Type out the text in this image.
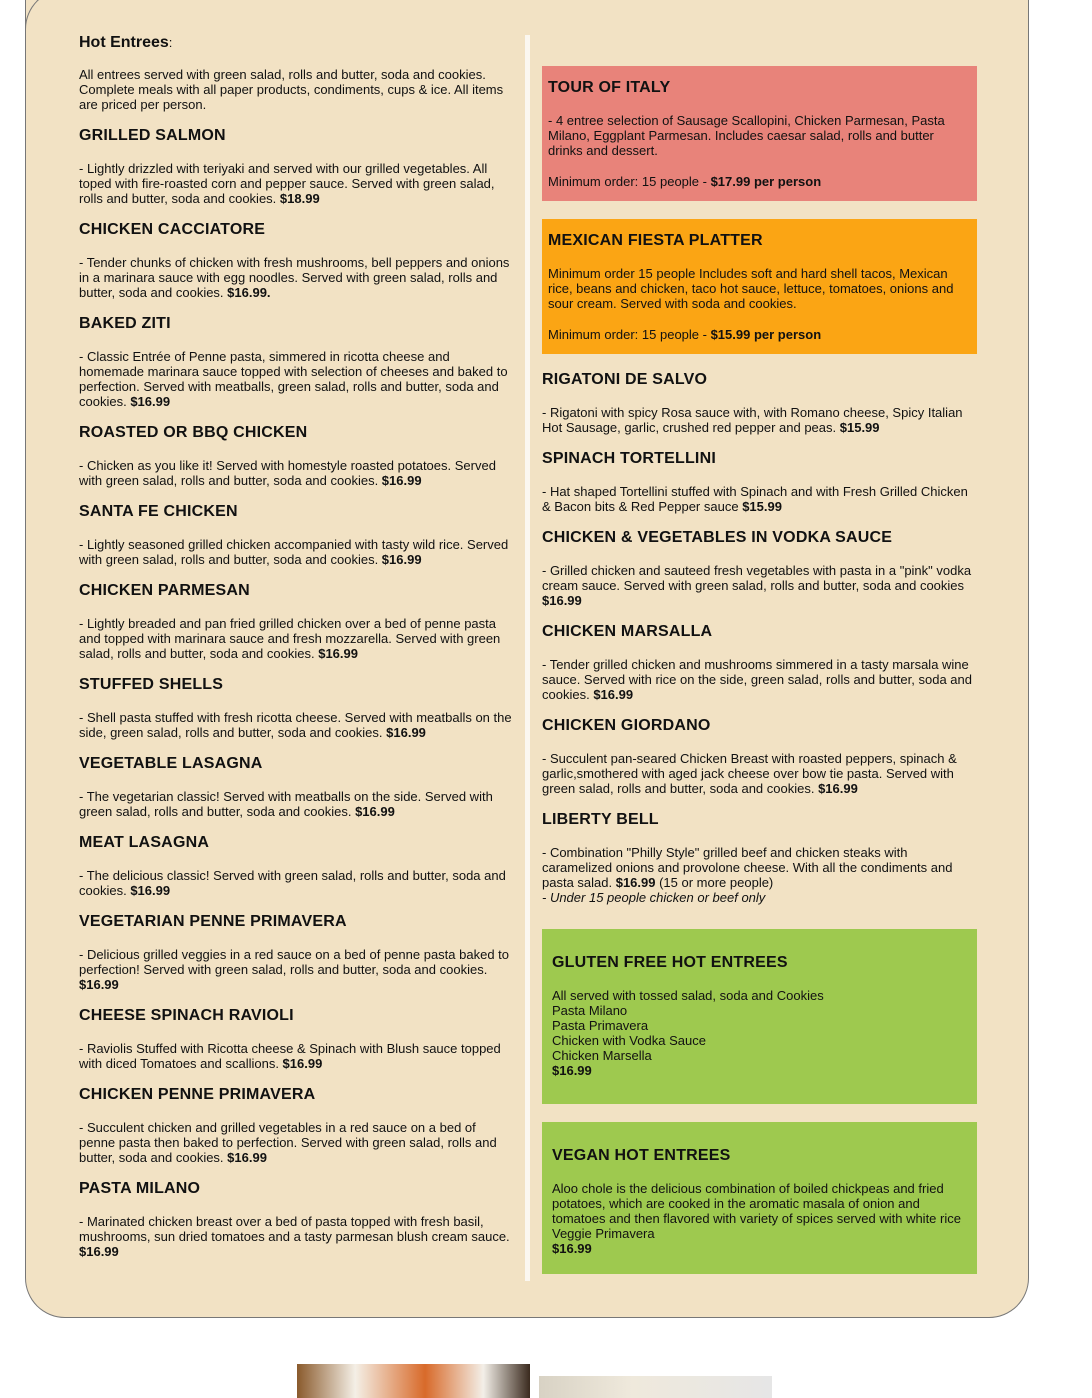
Hot Entrees:

All entrees served with green salad, rolls and butter, soda and cookies. Complete meals with all paper products, condiments, cups & ice. All items are priced per person.

GRILLED SALMON

- Lightly drizzled with teriyaki and served with our grilled vegetables. All toped with fire-roasted corn and pepper sauce. Served with green salad, rolls and butter, soda and cookies. $18.99

CHICKEN CACCIATORE

- Tender chunks of chicken with fresh mushrooms, bell peppers and onions in a marinara sauce with egg noodles. Served with green salad, rolls and butter, soda and cookies. $16.99.

BAKED ZITI

- Classic Entrée of Penne pasta, simmered in ricotta cheese and homemade marinara sauce topped with selection of cheeses and baked to perfection. Served with meatballs, green salad, rolls and butter, soda and cookies. $16.99

ROASTED OR BBQ CHICKEN

- Chicken as you like it! Served with homestyle roasted potatoes. Served with green salad, rolls and butter, soda and cookies. $16.99

SANTA FE CHICKEN

- Lightly seasoned grilled chicken accompanied with tasty wild rice. Served with green salad, rolls and butter, soda and cookies. $16.99

CHICKEN PARMESAN

- Lightly breaded and pan fried grilled chicken over a bed of penne pasta and topped with marinara sauce and fresh mozzarella. Served with green salad, rolls and butter, soda and cookies. $16.99

STUFFED SHELLS

- Shell pasta stuffed with fresh ricotta cheese. Served with meatballs on the side, green salad, rolls and butter, soda and cookies. $16.99

VEGETABLE LASAGNA

- The vegetarian classic! Served with meatballs on the side. Served with green salad, rolls and butter, soda and cookies. $16.99

MEAT LASAGNA

- The delicious classic! Served with green salad, rolls and butter, soda and cookies. $16.99

VEGETARIAN PENNE PRIMAVERA

- Delicious grilled veggies in a red sauce on a bed of penne pasta baked to perfection! Served with green salad, rolls and butter, soda and cookies. $16.99

CHEESE SPINACH RAVIOLI

- Raviolis Stuffed with Ricotta cheese & Spinach with Blush sauce topped with diced Tomatoes and scallions. $16.99

CHICKEN PENNE PRIMAVERA

- Succulent chicken and grilled vegetables in a red sauce on a bed of penne pasta then baked to perfection. Served with green salad, rolls and butter, soda and cookies. $16.99

PASTA MILANO

- Marinated chicken breast over a bed of pasta topped with fresh basil, mushrooms, sun dried tomatoes and a tasty parmesan blush cream sauce. $16.99

TOUR OF ITALY

- 4 entree selection of Sausage Scallopini, Chicken Parmesan, Pasta Milano, Eggplant Parmesan. Includes caesar salad, rolls and butter drinks and dessert.

Minimum order: 15 people - $17.99 per person

MEXICAN FIESTA PLATTER

Minimum order 15 people Includes soft and hard shell tacos, Mexican rice, beans and chicken, taco hot sauce, lettuce, tomatoes, onions and sour cream. Served with soda and cookies.

Minimum order: 15 people - $15.99 per person

RIGATONI DE SALVO

- Rigatoni with spicy Rosa sauce with, with Romano cheese, Spicy Italian Hot Sausage, garlic, crushed red pepper and peas. $15.99

SPINACH TORTELLINI

- Hat shaped Tortellini stuffed with Spinach and with Fresh Grilled Chicken & Bacon bits & Red Pepper sauce $15.99

CHICKEN & VEGETABLES IN VODKA SAUCE

- Grilled chicken and sauteed fresh vegetables with pasta in a "pink" vodka cream sauce. Served with green salad, rolls and butter, soda and cookies $16.99

CHICKEN MARSALLA

- Tender grilled chicken and mushrooms simmered in a tasty marsala wine sauce. Served with rice on the side, green salad, rolls and butter, soda and cookies. $16.99

CHICKEN GIORDANO

- Succulent pan-seared Chicken Breast with roasted peppers, spinach & garlic,smothered with aged jack cheese over bow tie pasta. Served with green salad, rolls and butter, soda and cookies. $16.99

LIBERTY BELL

- Combination "Philly Style" grilled beef and chicken steaks with caramelized onions and provolone cheese. With all the condiments and pasta salad. $16.99 (15 or more people)

- Under 15 people chicken or beef only

GLUTEN FREE HOT ENTREES

All served with tossed salad, soda and Cookies

Pasta Milano

Pasta Primavera

Chicken with Vodka Sauce

Chicken Marsella

$16.99

VEGAN HOT ENTREES

Aloo chole is the delicious combination of boiled chickpeas and fried potatoes, which are cooked in the aromatic masala of onion and tomatoes and then flavored with variety of spices served with white rice

Veggie Primavera

$16.99
